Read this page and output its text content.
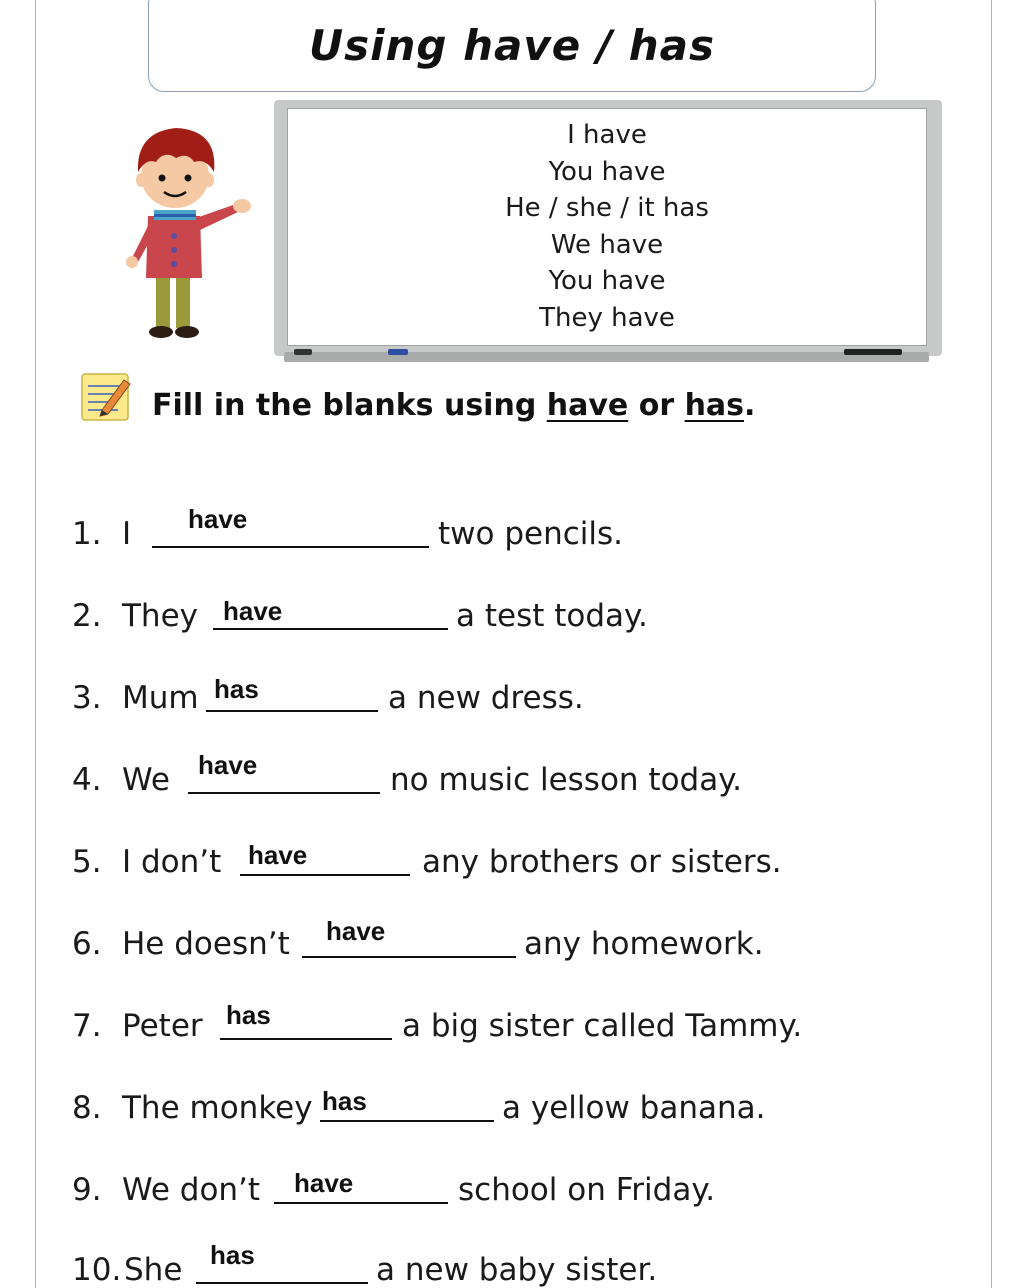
Using have / has
I have
You have
He / she / it has
We have
You have
They have
Fill in the blanks using have or has.
1. I have	two pencils.
2. They have	a test today.
3. Mum has	a new dress.
4. We have	no music lesson today.
5. I don’t have	any brothers or sisters.
6. He doesn’t have	any homework.
7. Peter has	a big sister called Tammy.
8. The monkey has	a yellow banana.
9. We don’t have	school on Friday.
10. She has	a new baby sister.
